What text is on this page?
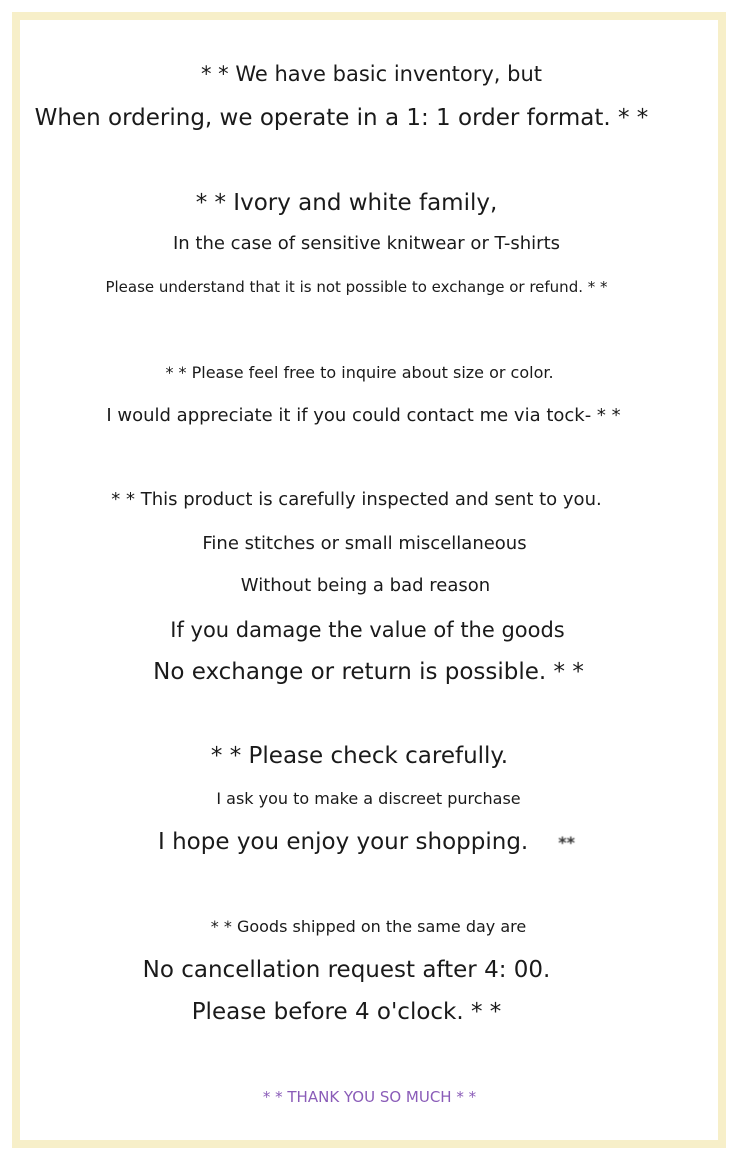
* * We have basic inventory, but
When ordering, we operate in a 1: 1 order format. * *
* * Ivory and white family,
In the case of sensitive knitwear or T-shirts
Please understand that it is not possible to exchange or refund. * *
* * Please feel free to inquire about size or color.
I would appreciate it if you could contact me via tock- * *
* * This product is carefully inspected and sent to you.
Fine stitches or small miscellaneous
Without being a bad reason
If you damage the value of the goods
No exchange or return is possible. * *
* * Please check carefully.
I ask you to make a discreet purchase
I hope you enjoy your shopping. **
* * Goods shipped on the same day are
No cancellation request after 4: 00.
Please before 4 o'clock. * *
* * THANK YOU SO MUCH * *
